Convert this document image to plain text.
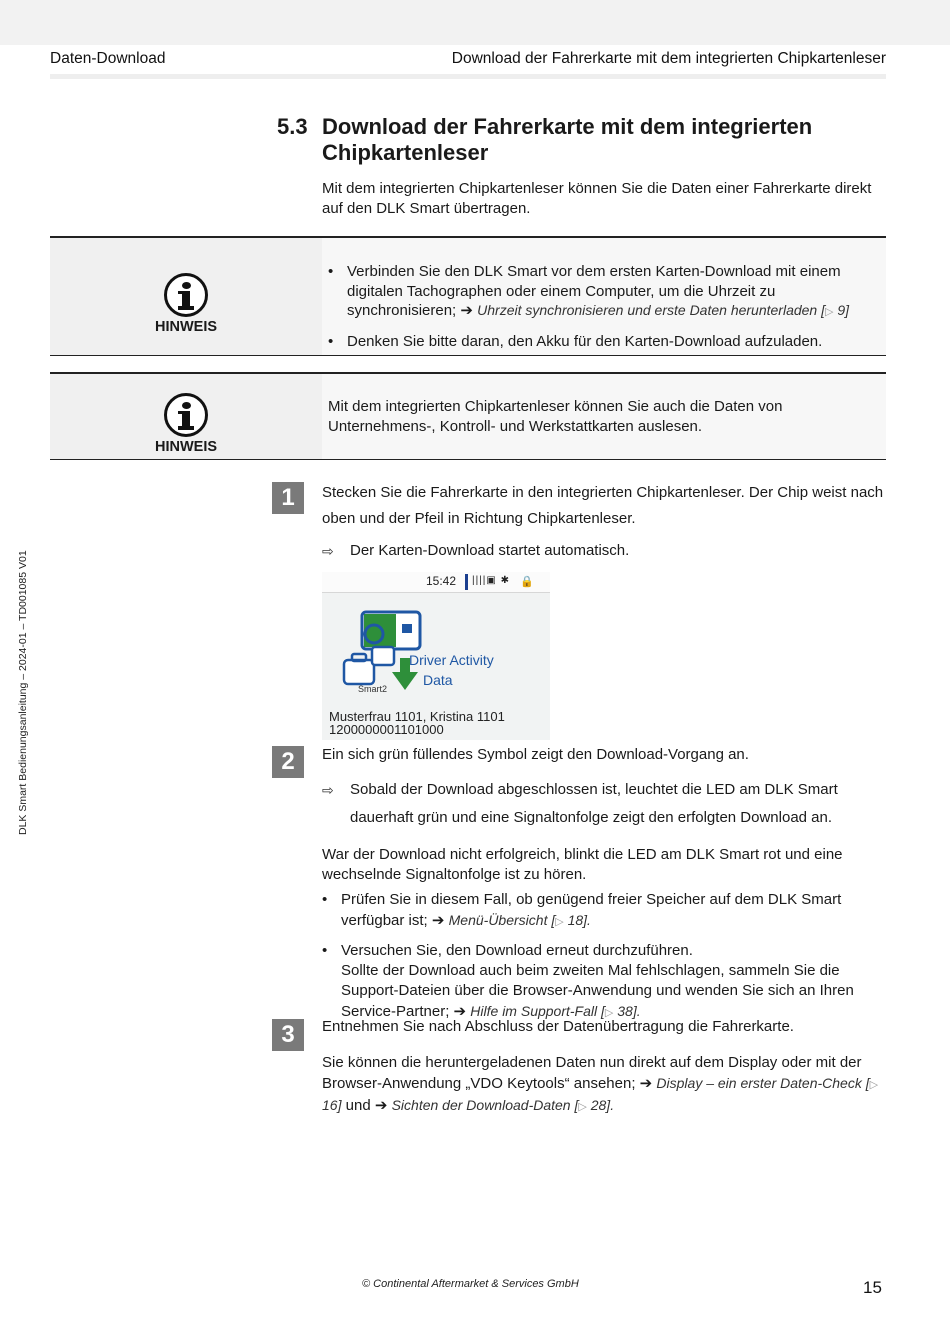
Daten-Download	Download der Fahrerkarte mit dem integrierten Chipkartenleser
DLK Smart Bedienungsanleitung – 2024-01 – TD001085 V01
5.3 Download der Fahrerkarte mit dem integrierten Chipkartenleser
Mit dem integrierten Chipkartenleser können Sie die Daten einer Fahrerkarte direkt auf den DLK Smart übertragen.
HINWEIS
• Verbinden Sie den DLK Smart vor dem ersten Karten-Download mit einem digitalen Tachographen oder einem Computer, um die Uhrzeit zu synchronisieren; ➔ Uhrzeit synchronisieren und erste Daten herunterladen [▷ 9]
• Denken Sie bitte daran, den Akku für den Karten-Download aufzuladen.
HINWEIS
Mit dem integrierten Chipkartenleser können Sie auch die Daten von Unternehmens-, Kontroll- und Werkstattkarten auslesen.
1	Stecken Sie die Fahrerkarte in den integrierten Chipkartenleser. Der Chip weist nach oben und der Pfeil in Richtung Chipkartenleser.
⇨	Der Karten-Download startet automatisch.
15:42 ||||▣ ✱ 🔒
Driver Activity
Data
Smart2
Musterfrau 1101, Kristina 1101
1200000001101000
2	Ein sich grün füllendes Symbol zeigt den Download-Vorgang an.
⇨	Sobald der Download abgeschlossen ist, leuchtet die LED am DLK Smart dauerhaft grün und eine Signaltonfolge zeigt den erfolgten Download an.
War der Download nicht erfolgreich, blinkt die LED am DLK Smart rot und eine wechselnde Signaltonfolge ist zu hören.
• Prüfen Sie in diesem Fall, ob genügend freier Speicher auf dem DLK Smart verfügbar ist; ➔ Menü-Übersicht [▷ 18].
• Versuchen Sie, den Download erneut durchzuführen.
Sollte der Download auch beim zweiten Mal fehlschlagen, sammeln Sie die Support-Dateien über die Browser-Anwendung und wenden Sie sich an Ihren Service-Partner; ➔ Hilfe im Support-Fall [▷ 38].
3	Entnehmen Sie nach Abschluss der Datenübertragung die Fahrerkarte.
Sie können die heruntergeladenen Daten nun direkt auf dem Display oder mit der Browser-Anwendung „VDO Keytools“ ansehen; ➔ Display – ein erster Daten-Check [▷ 16] und ➔ Sichten der Download-Daten [▷ 28].
© Continental Aftermarket & Services GmbH	15
